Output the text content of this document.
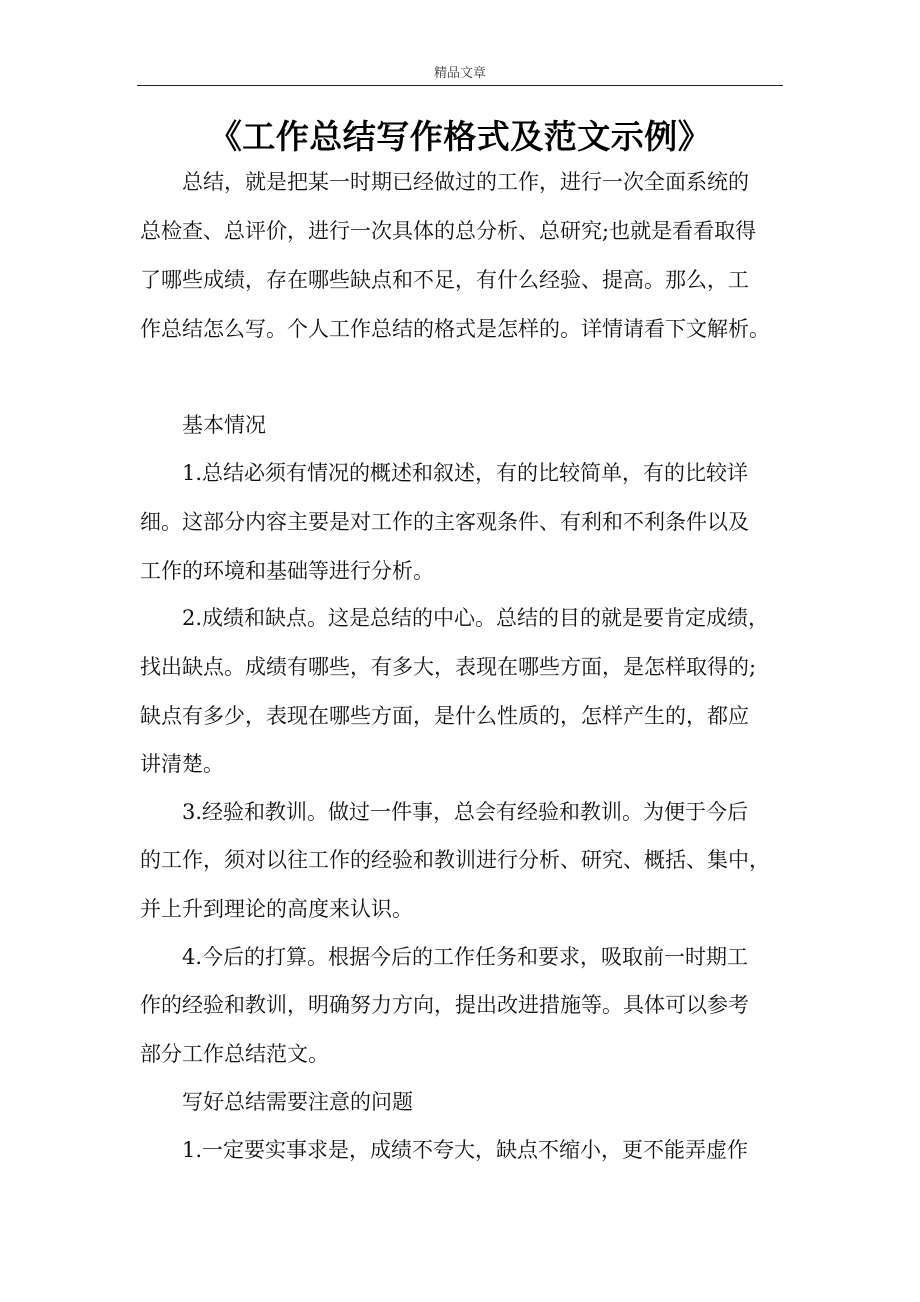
精品文章
《工作总结写作格式及范文示例》
总结，就是把某一时期已经做过的工作，进行一次全面系统的
总检查、总评价，进行一次具体的总分析、总研究;也就是看看取得
了哪些成绩，存在哪些缺点和不足，有什么经验、提高。那么，工
作总结怎么写。个人工作总结的格式是怎样的。详情请看下文解析。
基本情况
1.总结必须有情况的概述和叙述，有的比较简单，有的比较详
细。这部分内容主要是对工作的主客观条件、有利和不利条件以及
工作的环境和基础等进行分析。
2.成绩和缺点。这是总结的中心。总结的目的就是要肯定成绩，
找出缺点。成绩有哪些，有多大，表现在哪些方面，是怎样取得的;
缺点有多少，表现在哪些方面，是什么性质的，怎样产生的，都应
讲清楚。
3.经验和教训。做过一件事，总会有经验和教训。为便于今后
的工作，须对以往工作的经验和教训进行分析、研究、概括、集中，
并上升到理论的高度来认识。
4.今后的打算。根据今后的工作任务和要求，吸取前一时期工
作的经验和教训，明确努力方向，提出改进措施等。具体可以参考
部分工作总结范文。
写好总结需要注意的问题
1.一定要实事求是，成绩不夸大，缺点不缩小，更不能弄虚作
